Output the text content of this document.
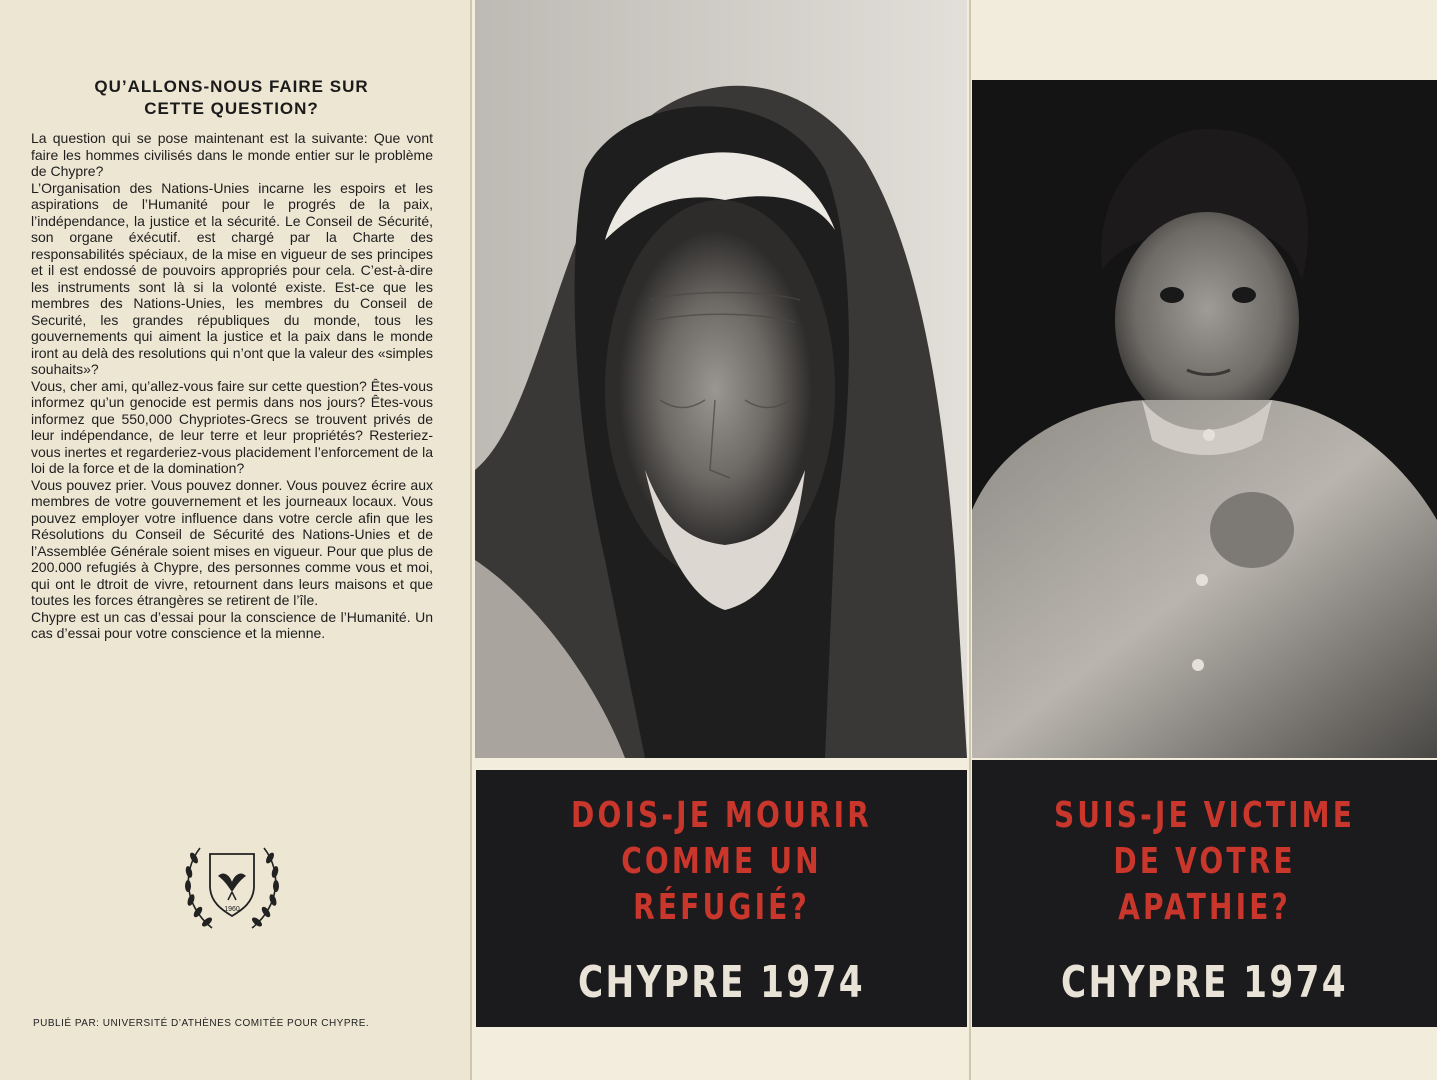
QU’ALLONS-NOUS FAIRE SUR
CETTE QUESTION?

La question qui se pose maintenant est la suivante: Que vont faire les hommes civilisés dans le monde entier sur le problème de Chypre?

L’Organisation des Nations-Unies incarne les espoirs et les aspirations de l’Humanité pour le progrés de la paix, l’indépendance, la justice et la sécurité. Le Conseil de Sécurité, son organe éxécutif. est chargé par la Charte des responsabilités spéciaux, de la mise en vigueur de ses principes et il est endossé de pouvoirs appropriés pour cela. C’est-à-dire les instruments sont là si la volonté existe. Est-ce que les membres des Nations-Unies, les membres du Conseil de Securité, les grandes républiques du monde, tous les gouvernements qui aiment la justice et la paix dans le monde iront au delà des resolutions qui n’ont que la valeur des «simples souhaits»?

Vous, cher ami, qu’allez-vous faire sur cette question? Êtes-vous informez qu’un genocide est permis dans nos jours? Êtes-vous informez que 550,000 Chypriotes-Grecs se trouvent privés de leur indépendance, de leur terre et leur propriétés? Resteriez-vous inertes et regarderiez-vous placidement l’enforcement de la loi de la force et de la domination?

Vous pouvez prier. Vous pouvez donner. Vous pouvez écrire aux membres de votre gouvernement et les journeaux locaux. Vous pouvez employer votre influence dans votre cercle afin que les Résolutions du Conseil de Sécurité des Nations-Unies et de l’Assemblée Générale soient mises en vigueur. Pour que plus de 200.000 refugiés à Chypre, des personnes comme vous et moi, qui ont le dtroit de vivre, retournent dans leurs maisons et que toutes les forces étrangères se retirent de l’île.

Chypre est un cas d’essai pour la conscience de l’Humanité. Un cas d’essai pour votre conscience et la mienne.

1960

PUBLIÉ PAR: UNIVERSITÉ D’ATHÈNES COMITÉE POUR CHYPRE.

DOIS-JE MOURIR
COMME UN RÉFUGIÉ?

CHYPRE 1974

SUIS-JE VICTIME
DE VOTRE APATHIE?

CHYPRE 1974
